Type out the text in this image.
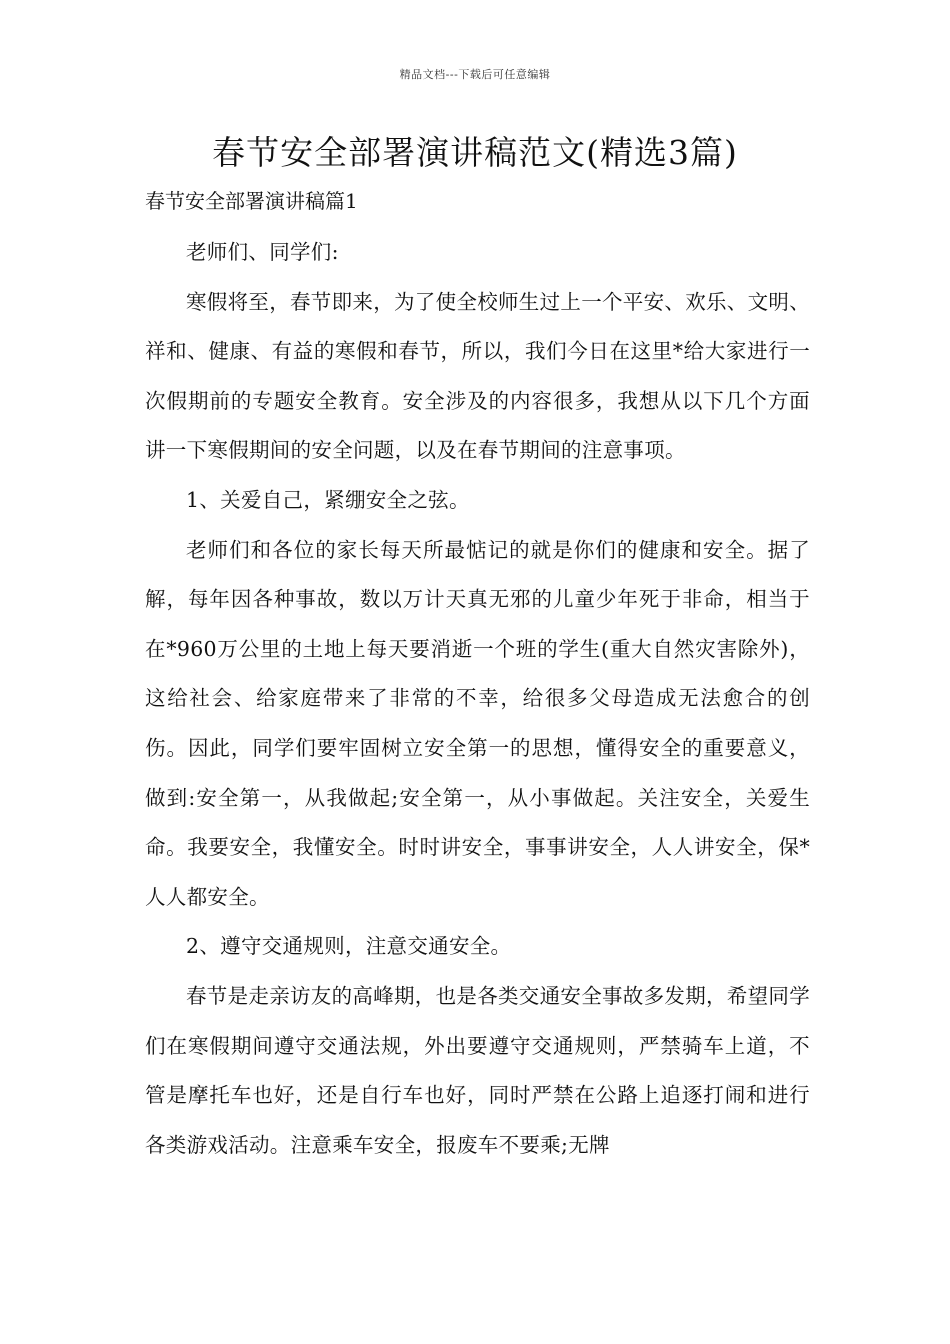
精品文档---下载后可任意编辑
春节安全部署演讲稿范文(精选3篇)
春节安全部署演讲稿篇1

老师们、同学们:

寒假将至，春节即来，为了使全校师生过上一个平安、欢乐、文明、祥和、健康、有益的寒假和春节，所以，我们今日在这里*给大家进行一次假期前的专题安全教育。安全涉及的内容很多，我想从以下几个方面讲一下寒假期间的安全问题，以及在春节期间的注意事项。

1、关爱自己，紧绷安全之弦。

老师们和各位的家长每天所最惦记的就是你们的健康和安全。据了解，每年因各种事故，数以万计天真无邪的儿童少年死于非命，相当于在*960万公里的土地上每天要消逝一个班的学生(重大自然灾害除外)，这给社会、给家庭带来了非常的不幸，给很多父母造成无法愈合的创伤。因此，同学们要牢固树立安全第一的思想，懂得安全的重要意义，做到:安全第一，从我做起;安全第一，从小事做起。关注安全，关爱生命。我要安全，我懂安全。时时讲安全，事事讲安全，人人讲安全，保*人人都安全。

2、遵守交通规则，注意交通安全。

春节是走亲访友的高峰期，也是各类交通安全事故多发期，希望同学们在寒假期间遵守交通法规，外出要遵守交通规则，严禁骑车上道，不管是摩托车也好，还是自行车也好，同时严禁在公路上追逐打闹和进行各类游戏活动。注意乘车安全，报废车不要乘;无牌
